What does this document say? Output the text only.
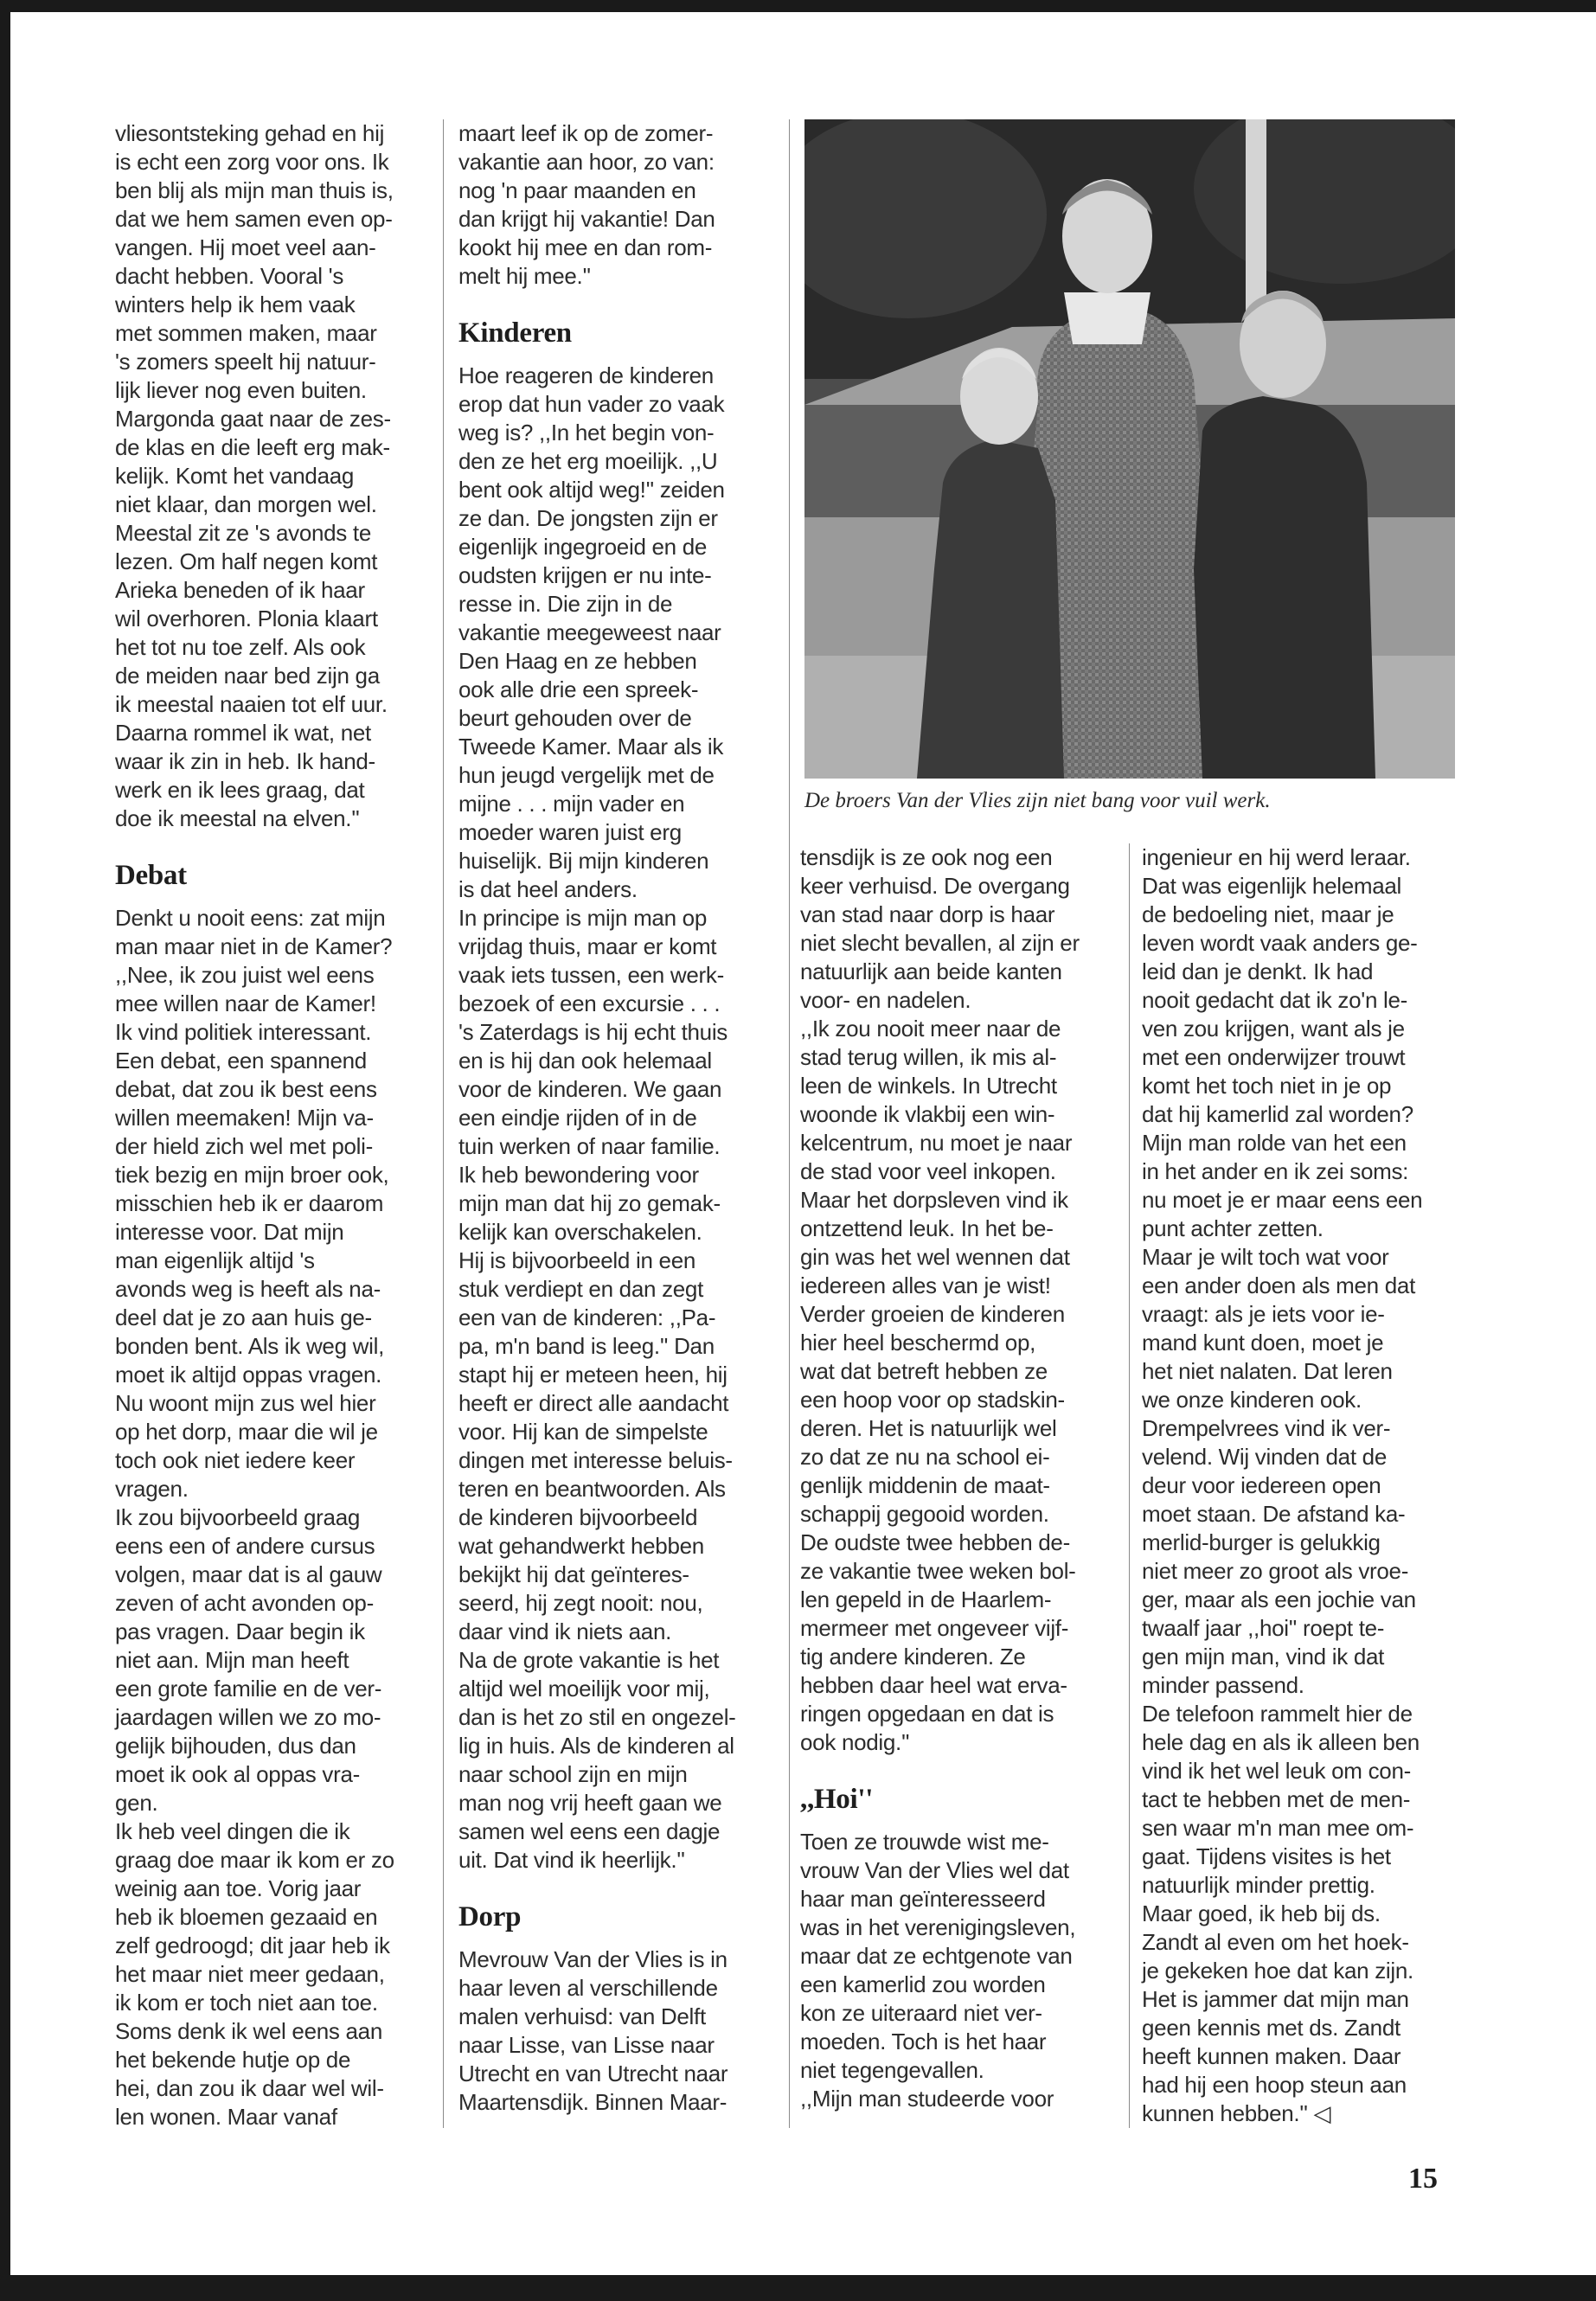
vliesontsteking gehad en hij
is echt een zorg voor ons. Ik
ben blij als mijn man thuis is,
dat we hem samen even op-
vangen. Hij moet veel aan-
dacht hebben. Vooral 's
winters help ik hem vaak
met sommen maken, maar
's zomers speelt hij natuur-
lijk liever nog even buiten.
Margonda gaat naar de zes-
de klas en die leeft erg mak-
kelijk. Komt het vandaag
niet klaar, dan morgen wel.
Meestal zit ze 's avonds te
lezen. Om half negen komt
Arieka beneden of ik haar
wil overhoren. Plonia klaart
het tot nu toe zelf. Als ook
de meiden naar bed zijn ga
ik meestal naaien tot elf uur.
Daarna rommel ik wat, net
waar ik zin in heb. Ik hand-
werk en ik lees graag, dat
doe ik meestal na elven.''

Debat

Denkt u nooit eens: zat mijn
man maar niet in de Kamer?
,,Nee, ik zou juist wel eens
mee willen naar de Kamer!
Ik vind politiek interessant.
Een debat, een spannend
debat, dat zou ik best eens
willen meemaken! Mijn va-
der hield zich wel met poli-
tiek bezig en mijn broer ook,
misschien heb ik er daarom
interesse voor. Dat mijn
man eigenlijk altijd 's
avonds weg is heeft als na-
deel dat je zo aan huis ge-
bonden bent. Als ik weg wil,
moet ik altijd oppas vragen.
Nu woont mijn zus wel hier
op het dorp, maar die wil je
toch ook niet iedere keer
vragen.
Ik zou bijvoorbeeld graag
eens een of andere cursus
volgen, maar dat is al gauw
zeven of acht avonden op-
pas vragen. Daar begin ik
niet aan. Mijn man heeft
een grote familie en de ver-
jaardagen willen we zo mo-
gelijk bijhouden, dus dan
moet ik ook al oppas vra-
gen.
Ik heb veel dingen die ik
graag doe maar ik kom er zo
weinig aan toe. Vorig jaar
heb ik bloemen gezaaid en
zelf gedroogd; dit jaar heb ik
het maar niet meer gedaan,
ik kom er toch niet aan toe.
Soms denk ik wel eens aan
het bekende hutje op de
hei, dan zou ik daar wel wil-
len wonen. Maar vanaf

maart leef ik op de zomer-
vakantie aan hoor, zo van:
nog 'n paar maanden en
dan krijgt hij vakantie! Dan
kookt hij mee en dan rom-
melt hij mee.''

Kinderen

Hoe reageren de kinderen
erop dat hun vader zo vaak
weg is? ,,In het begin von-
den ze het erg moeilijk. ,,U
bent ook altijd weg!'' zeiden
ze dan. De jongsten zijn er
eigenlijk ingegroeid en de
oudsten krijgen er nu inte-
resse in. Die zijn in de
vakantie meegeweest naar
Den Haag en ze hebben
ook alle drie een spreek-
beurt gehouden over de
Tweede Kamer. Maar als ik
hun jeugd vergelijk met de
mijne . . . mijn vader en
moeder waren juist erg
huiselijk. Bij mijn kinderen
is dat heel anders.
In principe is mijn man op
vrijdag thuis, maar er komt
vaak iets tussen, een werk-
bezoek of een excursie . . .
's Zaterdags is hij echt thuis
en is hij dan ook helemaal
voor de kinderen. We gaan
een eindje rijden of in de
tuin werken of naar familie.
Ik heb bewondering voor
mijn man dat hij zo gemak-
kelijk kan overschakelen.
Hij is bijvoorbeeld in een
stuk verdiept en dan zegt
een van de kinderen: ,,Pa-
pa, m'n band is leeg.'' Dan
stapt hij er meteen heen, hij
heeft er direct alle aandacht
voor. Hij kan de simpelste
dingen met interesse beluis-
teren en beantwoorden. Als
de kinderen bijvoorbeeld
wat gehandwerkt hebben
bekijkt hij dat geïnteres-
seerd, hij zegt nooit: nou,
daar vind ik niets aan.
Na de grote vakantie is het
altijd wel moeilijk voor mij,
dan is het zo stil en ongezel-
lig in huis. Als de kinderen al
naar school zijn en mijn
man nog vrij heeft gaan we
samen wel eens een dagje
uit. Dat vind ik heerlijk.''

Dorp

Mevrouw Van der Vlies is in
haar leven al verschillende
malen verhuisd: van Delft
naar Lisse, van Lisse naar
Utrecht en van Utrecht naar
Maartensdijk. Binnen Maar-

De broers Van der Vlies zijn niet bang voor vuil werk.

tensdijk is ze ook nog een
keer verhuisd. De overgang
van stad naar dorp is haar
niet slecht bevallen, al zijn er
natuurlijk aan beide kanten
voor- en nadelen.
,,Ik zou nooit meer naar de
stad terug willen, ik mis al-
leen de winkels. In Utrecht
woonde ik vlakbij een win-
kelcentrum, nu moet je naar
de stad voor veel inkopen.
Maar het dorpsleven vind ik
ontzettend leuk. In het be-
gin was het wel wennen dat
iedereen alles van je wist!
Verder groeien de kinderen
hier heel beschermd op,
wat dat betreft hebben ze
een hoop voor op stadskin-
deren. Het is natuurlijk wel
zo dat ze nu na school ei-
genlijk middenin de maat-
schappij gegooid worden.
De oudste twee hebben de-
ze vakantie twee weken bol-
len gepeld in de Haarlem-
mermeer met ongeveer vijf-
tig andere kinderen. Ze
hebben daar heel wat erva-
ringen opgedaan en dat is
ook nodig.''

,,Hoi''

Toen ze trouwde wist me-
vrouw Van der Vlies wel dat
haar man geïnteresseerd
was in het verenigingsleven,
maar dat ze echtgenote van
een kamerlid zou worden
kon ze uiteraard niet ver-
moeden. Toch is het haar
niet tegengevallen.
,,Mijn man studeerde voor

ingenieur en hij werd leraar.
Dat was eigenlijk helemaal
de bedoeling niet, maar je
leven wordt vaak anders ge-
leid dan je denkt. Ik had
nooit gedacht dat ik zo'n le-
ven zou krijgen, want als je
met een onderwijzer trouwt
komt het toch niet in je op
dat hij kamerlid zal worden?
Mijn man rolde van het een
in het ander en ik zei soms:
nu moet je er maar eens een
punt achter zetten.
Maar je wilt toch wat voor
een ander doen als men dat
vraagt: als je iets voor ie-
mand kunt doen, moet je
het niet nalaten. Dat leren
we onze kinderen ook.
Drempelvrees vind ik ver-
velend. Wij vinden dat de
deur voor iedereen open
moet staan. De afstand ka-
merlid-burger is gelukkig
niet meer zo groot als vroe-
ger, maar als een jochie van
twaalf jaar ,,hoi'' roept te-
gen mijn man, vind ik dat
minder passend.
De telefoon rammelt hier de
hele dag en als ik alleen ben
vind ik het wel leuk om con-
tact te hebben met de men-
sen waar m'n man mee om-
gaat. Tijdens visites is het
natuurlijk minder prettig.
Maar goed, ik heb bij ds.
Zandt al even om het hoek-
je gekeken hoe dat kan zijn.
Het is jammer dat mijn man
geen kennis met ds. Zandt
heeft kunnen maken. Daar
had hij een hoop steun aan
kunnen hebben.'' ◁

15
